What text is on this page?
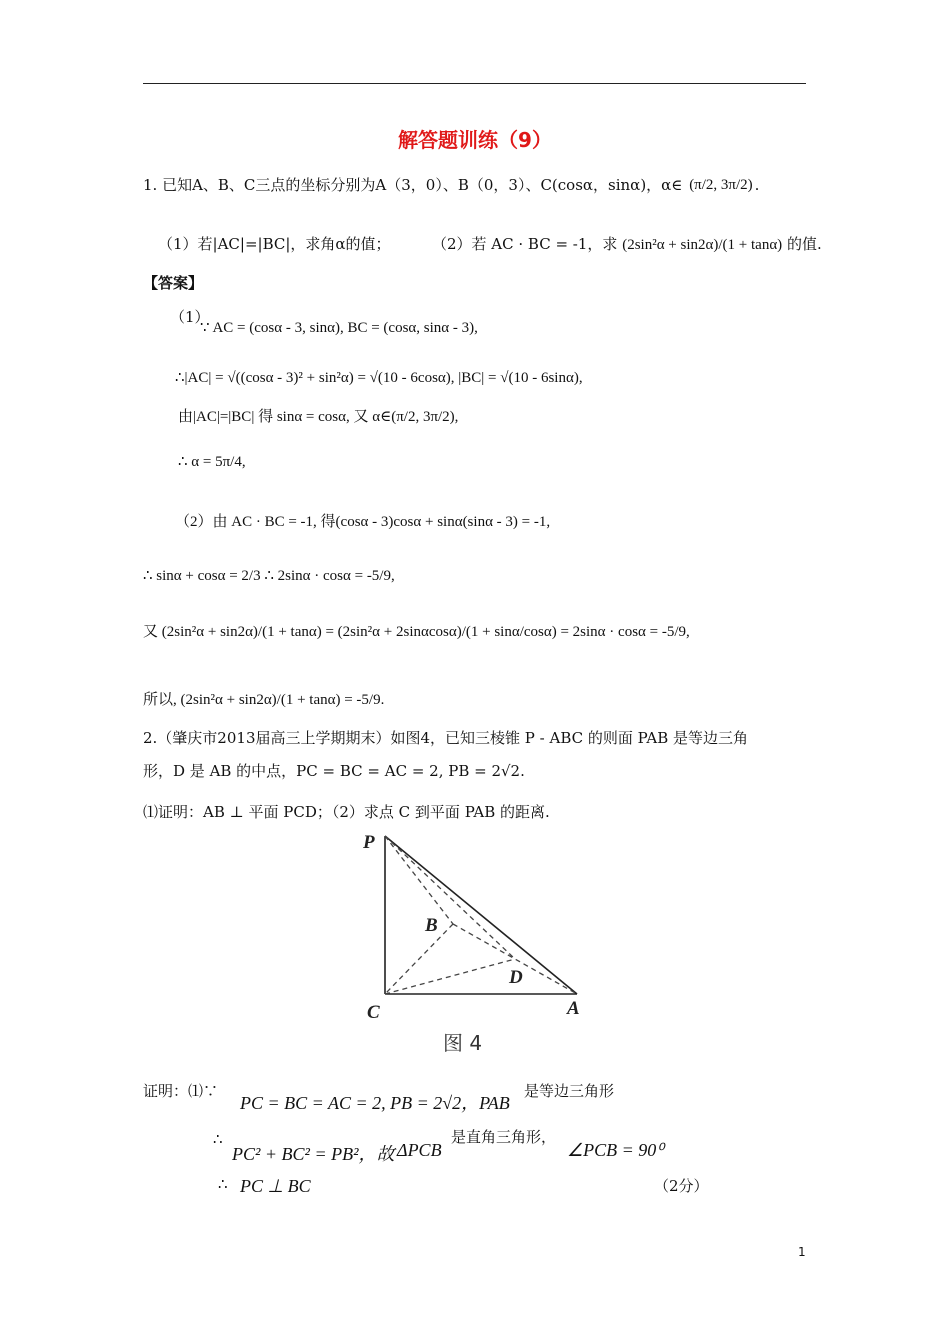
解答题训练（9）
1. 已知A、B、C三点的坐标分别为A（3，0）、B（0，3）、C(cosα，sinα)，α∈ (π/2, 3π/2) .
（1）若|AC|=|BC|，求角α的值；	（2）若 AC · BC = -1，求 (2sin²α + sin2α)/(1 + tanα) 的值.
【答案】
（1）
∵ AC = (cosα - 3, sinα), BC = (cosα, sinα - 3),
∴|AC| = √((cosα - 3)² + sin²α) = √(10 - 6cosα), |BC| = √(10 - 6sinα),
由|AC|=|BC| 得 sinα = cosα, 又 α∈(π/2, 3π/2),
∴ α = 5π/4,
（2）由 AC · BC = -1, 得(cosα - 3)cosα + sinα(sinα - 3) = -1,
∴ sinα + cosα = 2/3 ∴ 2sinα · cosα = -5/9,
又 (2sin²α + sin2α)/(1 + tanα) = (2sin²α + 2sinαcosα)/(1 + sinα/cosα) = 2sinα · cosα = -5/9,
所以, (2sin²α + sin2α)/(1 + tanα) = -5/9.
2.（肇庆市2013届高三上学期期末）如图4，已知三棱锥 P - ABC 的则面 PAB 是等边三角
形，D 是 AB 的中点，PC = BC = AC = 2, PB = 2√2.
⑴证明：AB ⊥ 平面 PCD；（2）求点 C 到平面 PAB 的距离.
P
B
D
C	A
图 4
证明：⑴∵
PC = BC = AC = 2, PB = 2√2，PAB
是等边三角形
∴
PC² + BC² = PB²，故 ΔPCB
是直角三角形，
∠PCB = 90⁰
∴ PC ⊥ BC	（2分）
1
